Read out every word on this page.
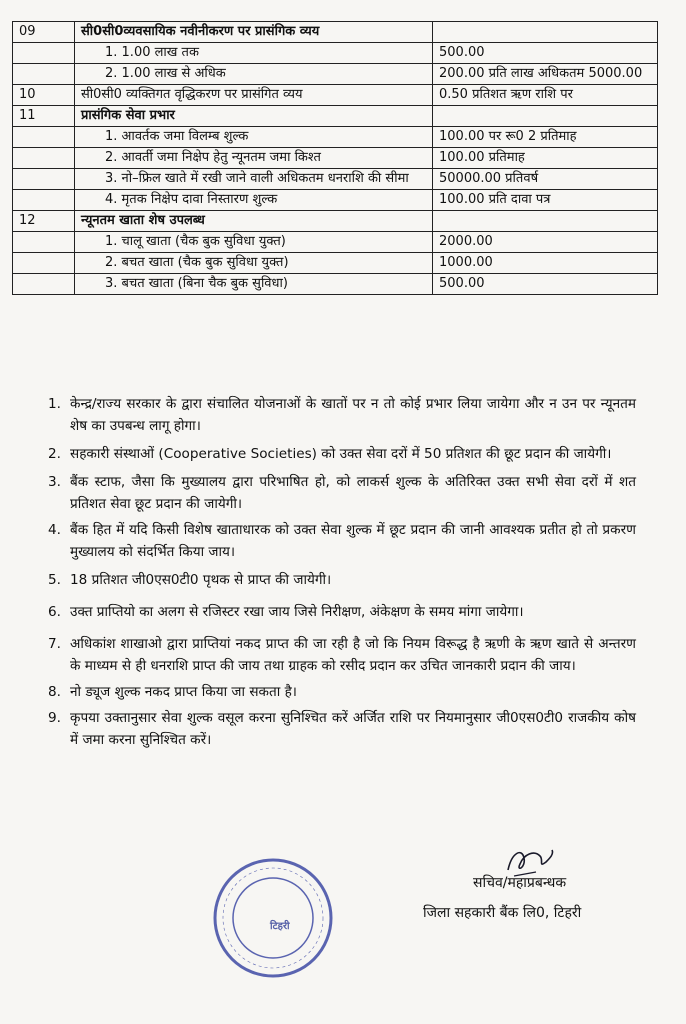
09	सी0सी0व्यवसायिक नवीनीकरण पर प्रासंगिक व्यय	
	1. 1.00 लाख तक	500.00
	2. 1.00 लाख से अधिक	200.00 प्रति लाख अधिकतम 5000.00
10	सी0सी0 व्यक्तिगत वृद्धिकरण पर प्रासंगित व्यय	0.50 प्रतिशत ऋण राशि पर
11	प्रासंगिक सेवा प्रभार	
	1. आवर्तक जमा विलम्ब शुल्क	100.00 पर रू0 2 प्रतिमाह
	2. आवर्ती जमा निक्षेप हेतु न्यूनतम जमा किश्त	100.00 प्रतिमाह
	3. नो–फ्रिल खाते में रखी जाने वाली अधिकतम धनराशि की सीमा	50000.00 प्रतिवर्ष
	4. मृतक निक्षेप दावा निस्तारण शुल्क	100.00 प्रति दावा पत्र
12	न्यूनतम खाता शेष उपलब्ध	
	1. चालू खाता (चैक बुक सुविधा युक्त)	2000.00
	2. बचत खाता (चैक बुक सुविधा युक्त)	1000.00
	3. बचत खाता (बिना चैक बुक सुविधा)	500.00
1. केन्द्र/राज्य सरकार के द्वारा संचालित योजनाओं के खातों पर न तो कोई प्रभार लिया जायेगा और न उन पर न्यूनतम शेष का उपबन्ध लागू होगा।
2. सहकारी संस्थाओं (Cooperative Societies) को उक्त सेवा दरों में 50 प्रतिशत की छूट प्रदान की जायेगी।
3. बैंक स्टाफ, जैसा कि मुख्यालय द्वारा परिभाषित हो, को लाकर्स शुल्क के अतिरिक्त उक्त सभी सेवा दरों में शत प्रतिशत सेवा छूट प्रदान की जायेगी।
4. बैंक हित में यदि किसी विशेष खाताधारक को उक्त सेवा शुल्क में छूट प्रदान की जानी आवश्यक प्रतीत हो तो प्रकरण मुख्यालय को संदर्भित किया जाय।
5. 18 प्रतिशत जी0एस0टी0 पृथक से प्राप्त की जायेगी।
6. उक्त प्राप्तियो का अलग से रजिस्टर रखा जाय जिसे निरीक्षण, अंकेक्षण के समय मांगा जायेगा।
7. अधिकांश शाखाओ द्वारा प्राप्तियां नकद प्राप्त की जा रही है जो कि नियम विरूद्ध है ऋणी के ऋण खाते से अन्तरण के माध्यम से ही धनराशि प्राप्त की जाय तथा ग्राहक को रसीद प्रदान कर उचित जानकारी प्रदान की जाय।
8. नो ड्यूज शुल्क नकद प्राप्त किया जा सकता है।
9. कृपया उक्तानुसार सेवा शुल्क वसूल करना सुनिश्चित करें अर्जित राशि पर नियमानुसार जी0एस0टी0 राजकीय कोष में जमा करना सुनिश्चित करें।
सचिव/महाप्रबन्धक
जिला सहकारी बैंक लि0, टिहरी
टिहरी
